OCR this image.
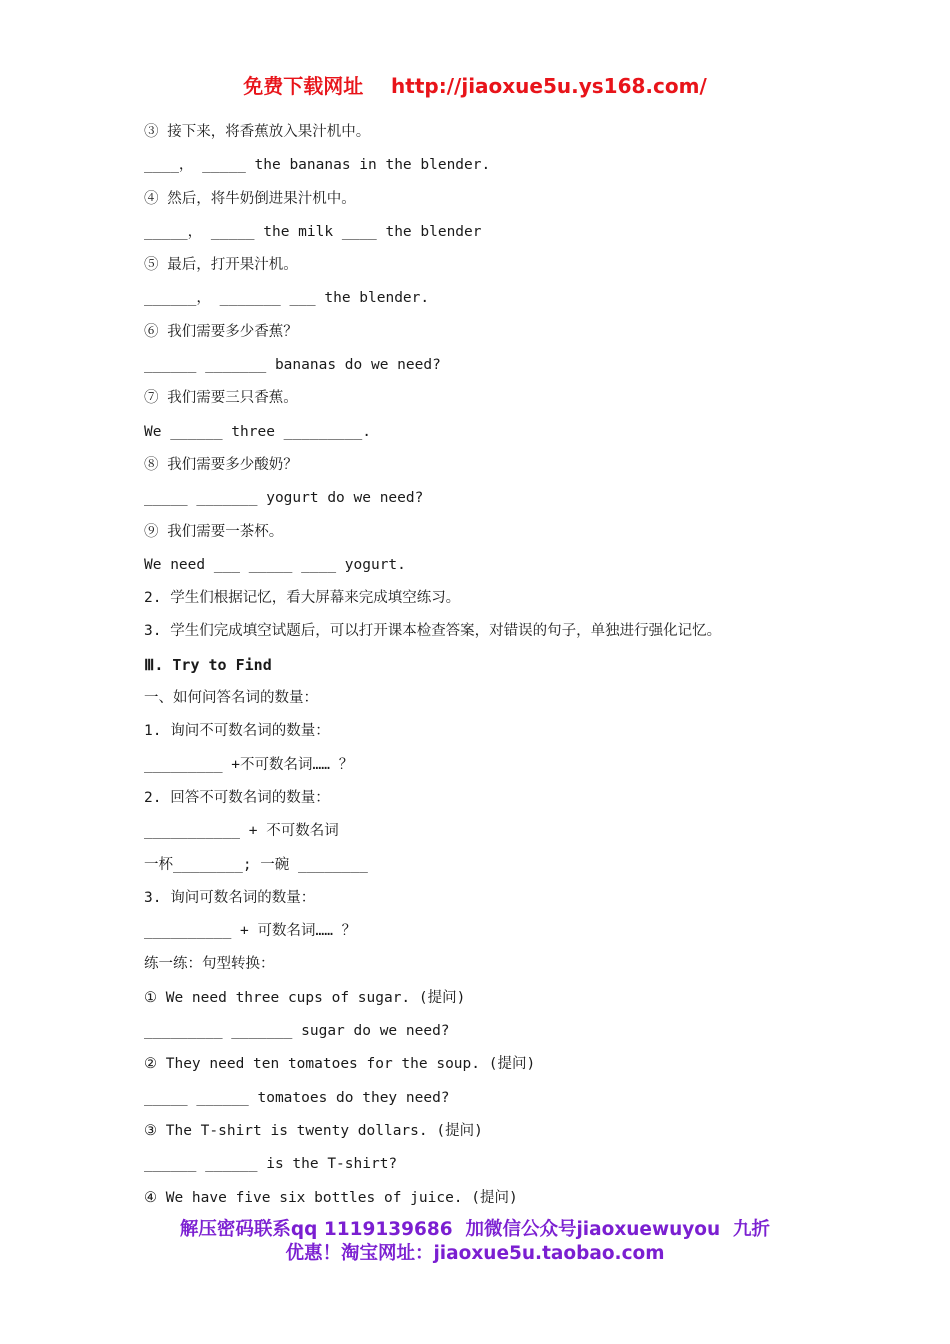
免费下载网址    http://jiaoxue5u.ys168.com/
③ 接下来，将香蕉放入果汁机中。
____， _____ the bananas in the blender.
④ 然后，将牛奶倒进果汁机中。
_____， _____ the milk ____ the blender
⑤ 最后，打开果汁机。
______， _______ ___ the blender.
⑥ 我们需要多少香蕉？
______ _______ bananas do we need?
⑦ 我们需要三只香蕉。
We ______ three _________.
⑧ 我们需要多少酸奶？
_____ _______ yogurt do we need?
⑨ 我们需要一茶杯。
We need ___ _____ ____ yogurt.
2. 学生们根据记忆，看大屏幕来完成填空练习。
3. 学生们完成填空试题后，可以打开课本检查答案，对错误的句子，单独进行强化记忆。
Ⅲ. Try to Find
一、如何问答名词的数量：
1. 询问不可数名词的数量：
_________ +不可数名词…… ？
2. 回答不可数名词的数量：
___________ + 不可数名词
一杯________; 一碗 ________
3. 询问可数名词的数量：
__________ + 可数名词…… ？
练一练：句型转换：
① We need three cups of sugar. (提问)
_________ _______ sugar do we need?
② They need ten tomatoes for the soup. (提问)
_____ ______ tomatoes do they need?
③ The T-shirt is twenty dollars. (提问)
______ ______ is the T-shirt?
④ We have five six bottles of juice. (提问)
解压密码联系qq 1119139686  加微信公众号jiaoxuewuyou  九折
优惠！淘宝网址：jiaoxue5u.taobao.com
